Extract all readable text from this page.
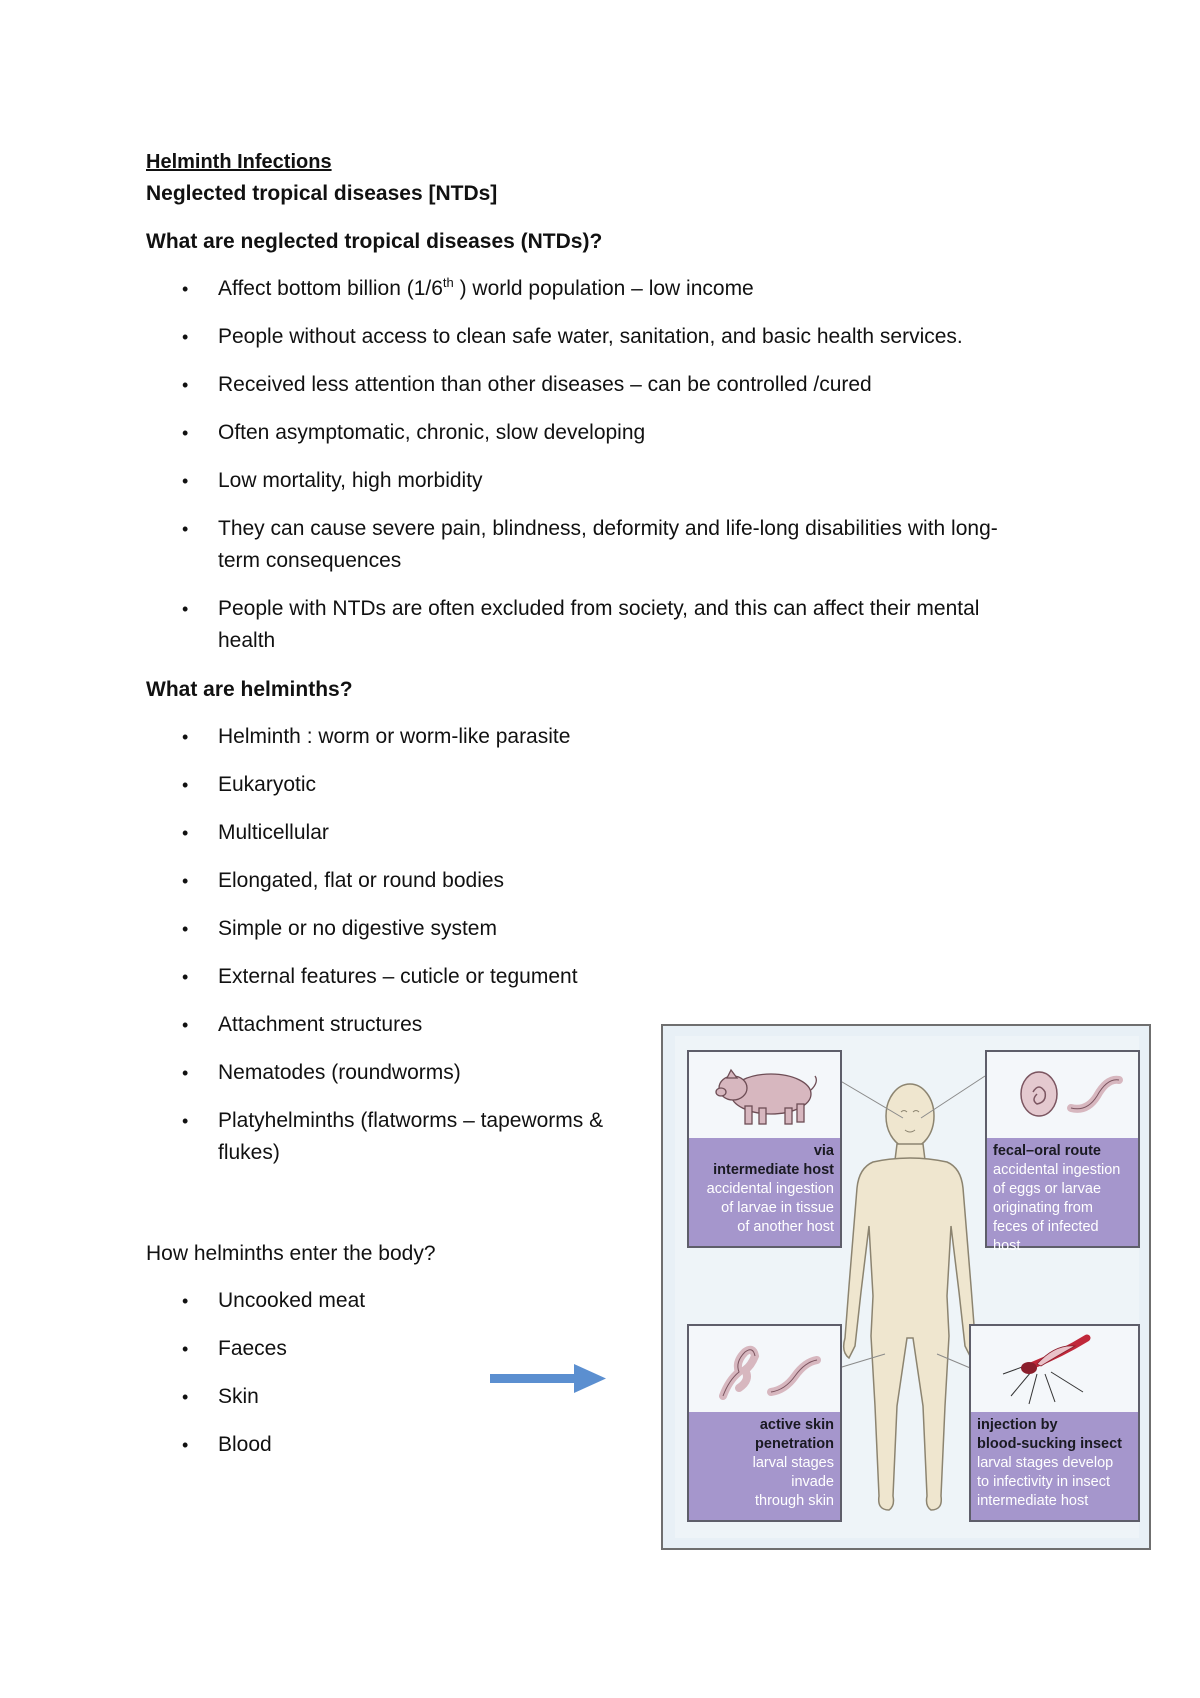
Helminth Infections
Neglected tropical diseases [NTDs]
What are neglected tropical diseases (NTDs)?
• Affect bottom billion (1/6th ) world population – low income
• People without access to clean safe water, sanitation, and basic health services.
• Received less attention than other diseases – can be controlled /cured
• Often asymptomatic, chronic, slow developing
• Low mortality, high morbidity
• They can cause severe pain, blindness, deformity and life-long disabilities with long-
term consequences
• People with NTDs are often excluded from society, and this can affect their mental
health
What are helminths?
• Helminth : worm or worm-like parasite
• Eukaryotic
• Multicellular
• Elongated, flat or round bodies
• Simple or no digestive system
• External features – cuticle or tegument
• Attachment structures
• Nematodes (roundworms)
• Platyhelminths (flatworms – tapeworms &
flukes)
How helminths enter the body?
• Uncooked meat
• Faeces
• Skin
• Blood
via
intermediate host
accidental ingestion
of larvae in tissue
of another host
fecal–oral route
accidental ingestion
of eggs or larvae
originating from
feces of infected
host
active skin
penetration
larval stages
invade
through skin
injection by
blood-sucking insect
larval stages develop
to infectivity in insect
intermediate host
